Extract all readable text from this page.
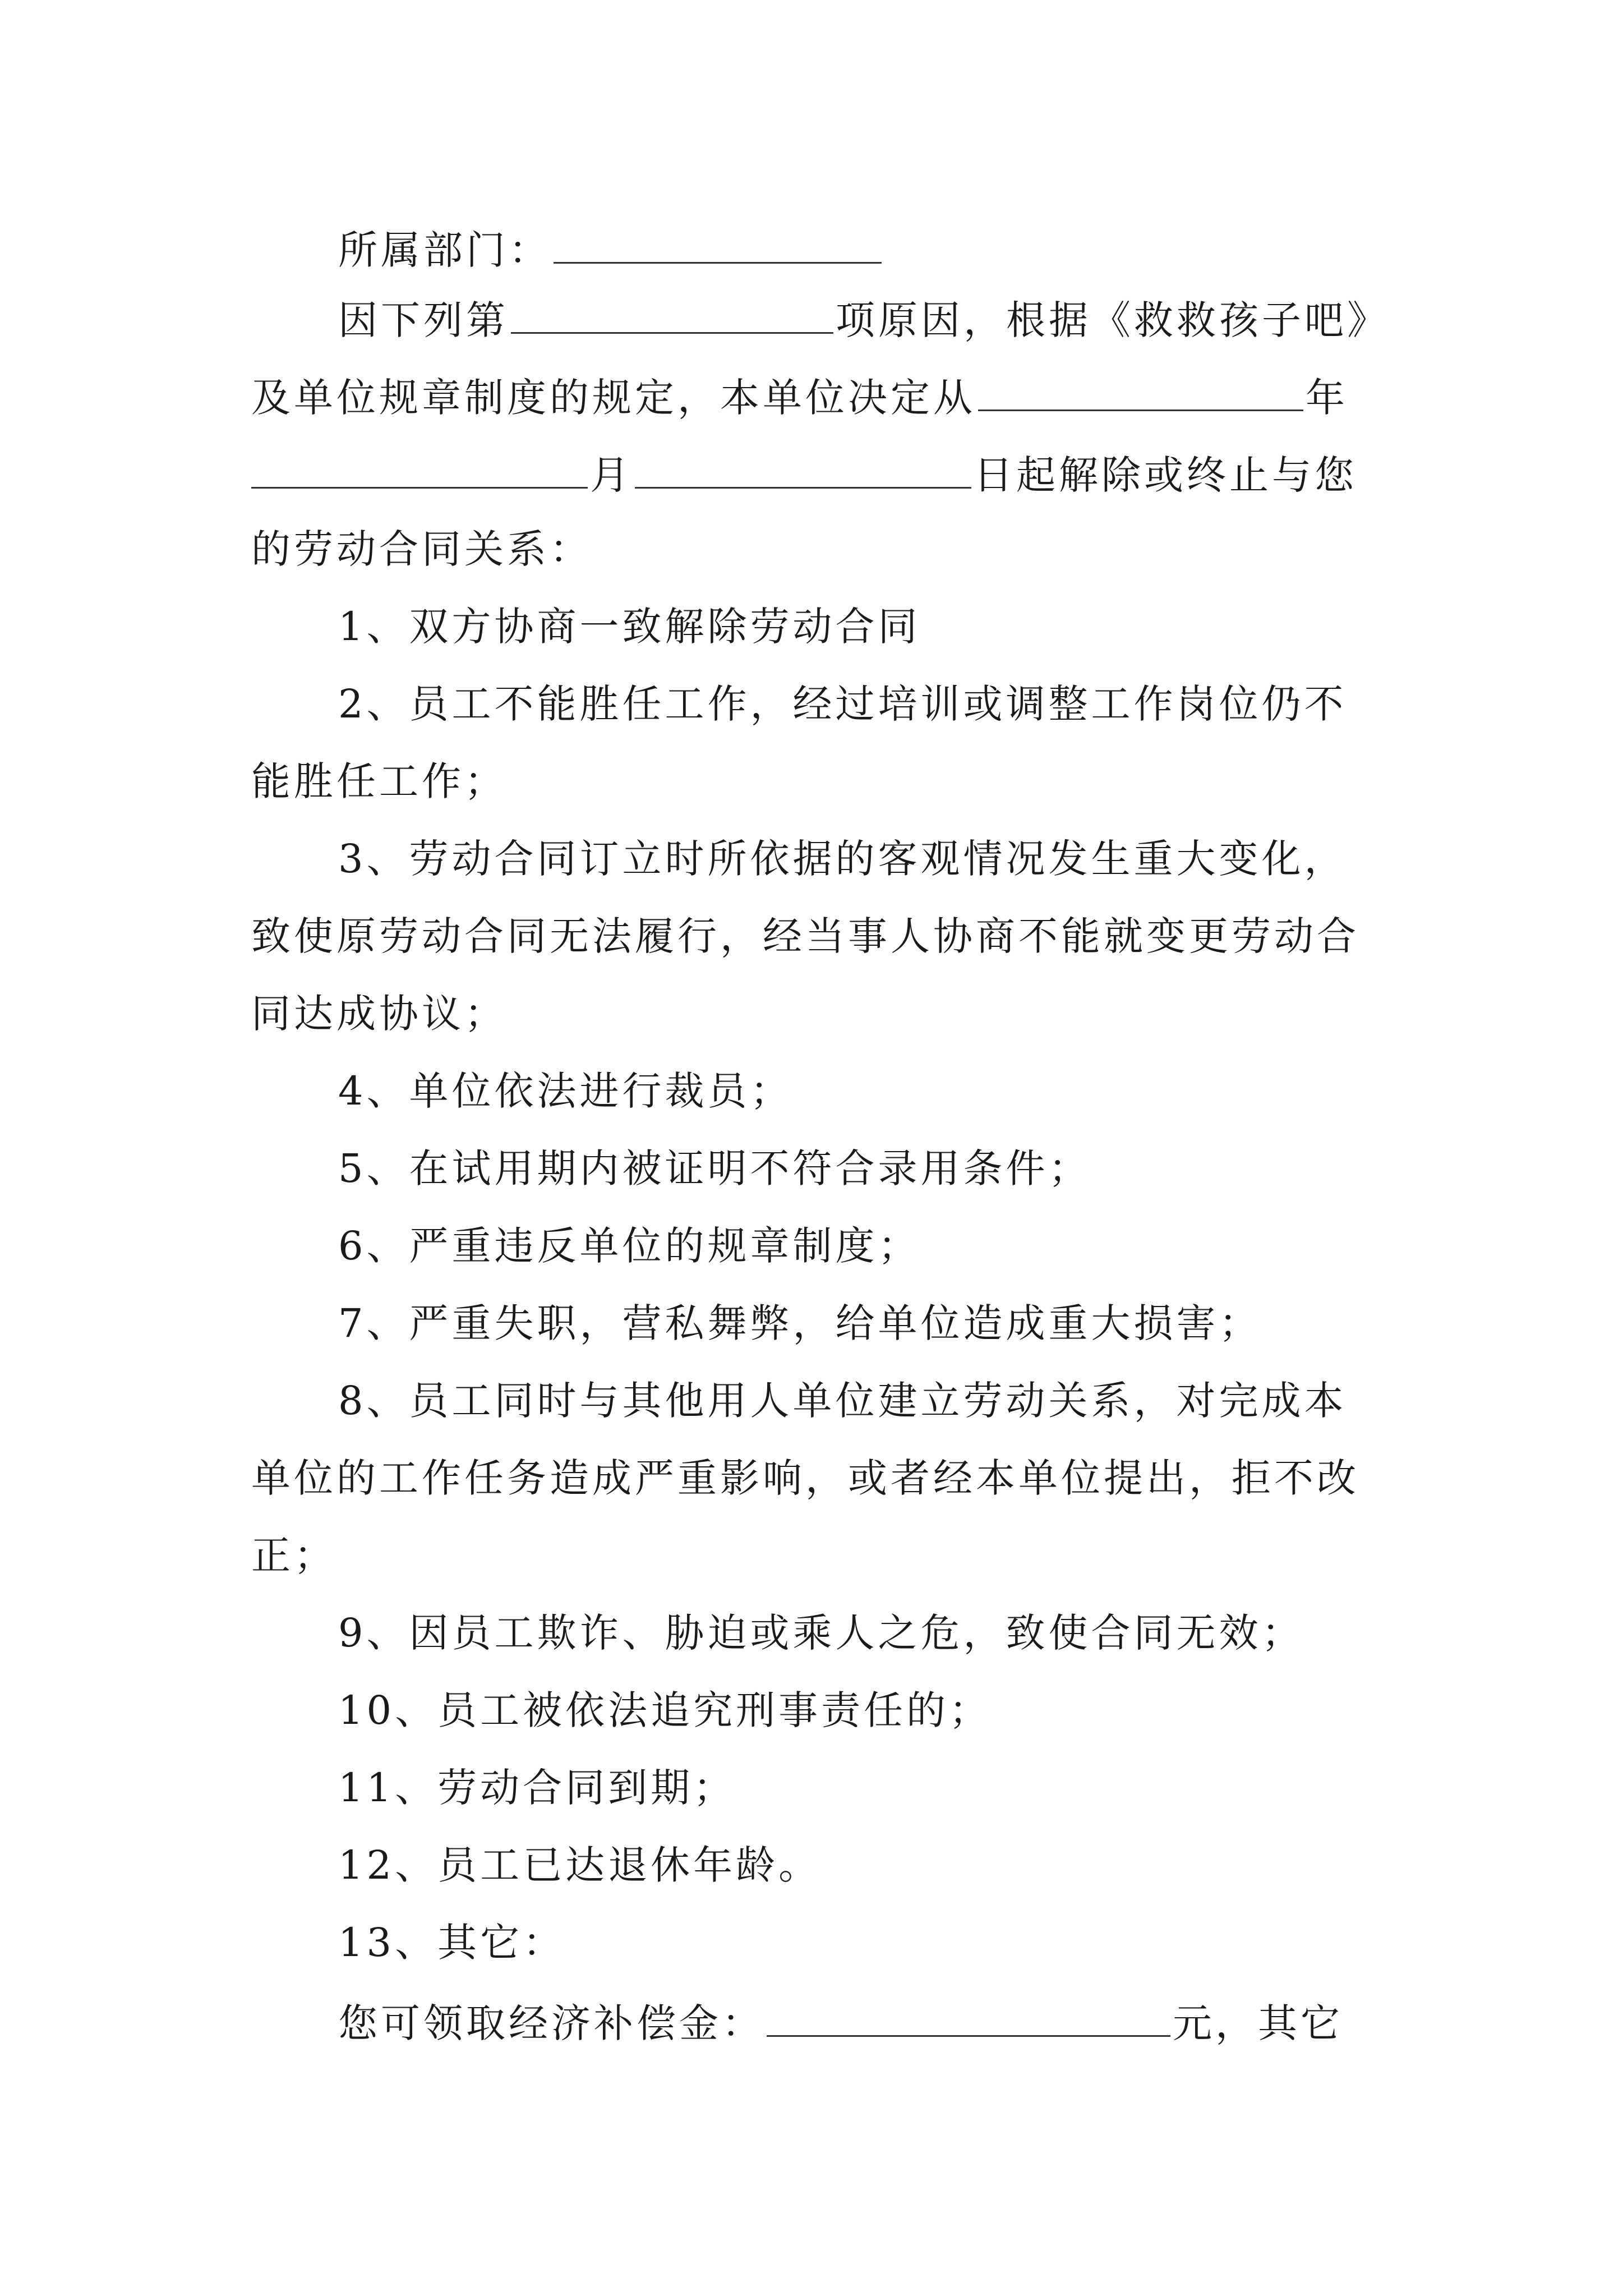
所属部门：
因下列第	项原因，根据《救救孩子吧》
及单位规章制度的规定，本单位决定从	年
月	日起解除或终止与您
的劳动合同关系：
1、双方协商一致解除劳动合同
2、员工不能胜任工作，经过培训或调整工作岗位仍不
能胜任工作；
3、劳动合同订立时所依据的客观情况发生重大变化，
致使原劳动合同无法履行，经当事人协商不能就变更劳动合
同达成协议；
4、单位依法进行裁员；
5、在试用期内被证明不符合录用条件；
6、严重违反单位的规章制度；
7、严重失职，营私舞弊，给单位造成重大损害；
8、员工同时与其他用人单位建立劳动关系，对完成本
单位的工作任务造成严重影响，或者经本单位提出，拒不改
正；
9、因员工欺诈、胁迫或乘人之危，致使合同无效；
10、员工被依法追究刑事责任的；
11、劳动合同到期；
12、员工已达退休年龄。
13、其它：
您可领取经济补偿金：	元，其它
